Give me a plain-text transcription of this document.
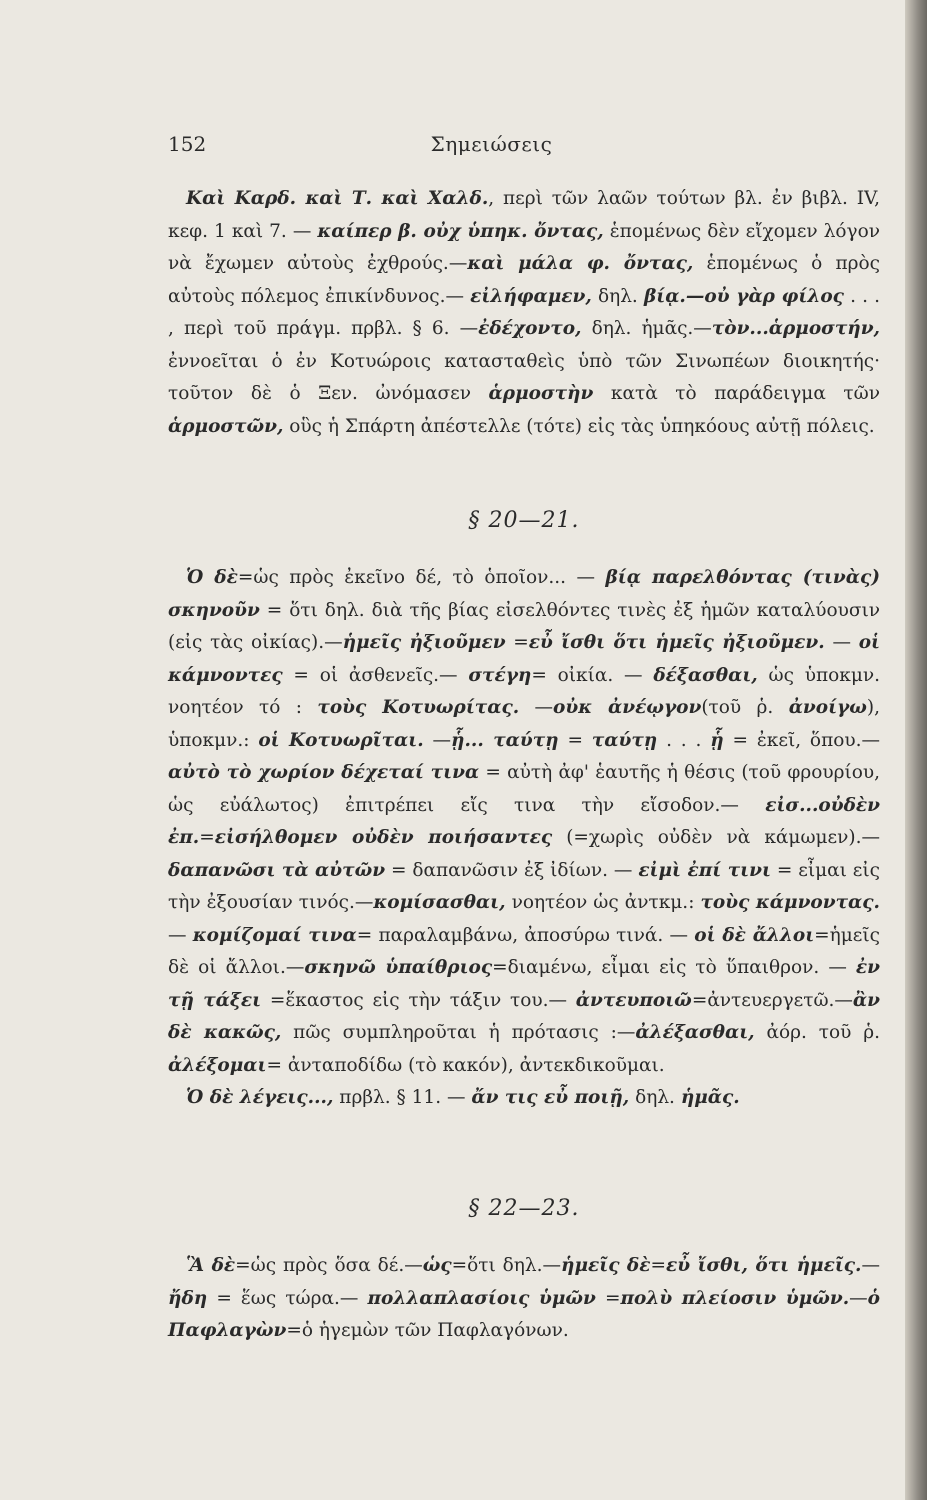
152	Σημειώσεις

Καὶ Καρδ. καὶ Τ. καὶ Χαλδ., περὶ τῶν λαῶν τούτων βλ. ἐν βιβλ. IV, κεφ. 1 καὶ 7. — καίπερ β. οὐχ ὑπηκ. ὄντας, ἑπομένως δὲν εἴχομεν λόγον νὰ ἔχωμεν αὐτοὺς ἐχθρούς.—καὶ μάλα φ. ὄντας, ἑπομένως ὁ πρὸς αὐτοὺς πόλεμος ἐπικίνδυνος.— εἰλήφαμεν, δηλ. βίᾳ.—οὐ γὰρ φίλος . . . , περὶ τοῦ πράγμ. πρβλ. § 6. —ἐδέχοντο, δηλ. ἡμᾶς.—τὸν...ἁρμοστήν, ἐννοεῖται ὁ ἐν Κοτυώροις κατασταθεὶς ὑπὸ τῶν Σινωπέων διοικητής· τοῦτον δὲ ὁ Ξεν. ὠνόμασεν ἁρμοστὴν κατὰ τὸ παράδειγμα τῶν ἁρμοστῶν, οὓς ἡ Σπάρτη ἀπέστελλε (τότε) εἰς τὰς ὑπηκόους αὐτῇ πόλεις.

§ 20—21.

Ὁ δὲ=ὡς πρὸς ἐκεῖνο δέ, τὸ ὁποῖον... — βίᾳ παρελθόντας (τινὰς) σκηνοῦν = ὅτι δηλ. διὰ τῆς βίας εἰσελθόντες τινὲς ἐξ ἡμῶν καταλύουσιν (εἰς τὰς οἰκίας).—ἡμεῖς ἠξιοῦμεν =εὖ ἴσθι ὅτι ἡμεῖς ἠξιοῦμεν. — οἱ κάμνοντες = οἱ ἀσθενεῖς.— στέγη= οἰκία. — δέξασθαι, ὡς ὑποκμν. νοητέον τό : τοὺς Κοτυωρίτας. —οὐκ ἀνέῳγον(τοῦ ῥ. ἀνοίγω), ὑποκμν.: οἱ Κοτυωρῖται. —ᾗ... ταύτῃ = ταύτῃ . . . ᾗ = ἐκεῖ, ὅπου.—αὐτὸ τὸ χωρίον δέχεταί τινα = αὐτὴ ἀφ' ἑαυτῆς ἡ θέσις (τοῦ φρουρίου, ὡς εὐάλωτος) ἐπιτρέπει εἴς τινα τὴν εἴσοδον.— εἰσ...οὐδὲν ἐπ.=εἰσήλθομεν οὐδὲν ποιήσαντες (=χωρὶς οὐδὲν νὰ κάμωμεν).—δαπανῶσι τὰ αὐτῶν = δαπανῶσιν ἐξ ἰδίων. — εἰμὶ ἐπί τινι = εἶμαι εἰς τὴν ἐξουσίαν τινός.—κομίσασθαι, νοητέον ὡς ἀντκμ.: τοὺς κάμνοντας.— κομίζομαί τινα= παραλαμβάνω, ἀποσύρω τινά. — οἱ δὲ ἄλλοι=ἡμεῖς δὲ οἱ ἄλλοι.—σκηνῶ ὑπαίθριος=διαμένω, εἶμαι εἰς τὸ ὕπαιθρον. — ἐν τῇ τάξει =ἕκαστος εἰς τὴν τάξιν του.— ἀντευποιῶ=ἀντευεργετῶ.—ἂν δὲ κακῶς, πῶς συμπληροῦται ἡ πρότασις :—ἀλέξασθαι, ἀόρ. τοῦ ῥ. ἀλέξομαι= ἀνταποδίδω (τὸ κακόν), ἀντεκδικοῦμαι.

Ὁ δὲ λέγεις..., πρβλ. § 11. — ἄν τις εὖ ποιῇ, δηλ. ἡμᾶς.

§ 22—23.

Ἃ δὲ=ὡς πρὸς ὅσα δέ.—ὡς=ὅτι δηλ.—ἡμεῖς δὲ=εὖ ἴσθι, ὅτι ἡμεῖς.— ἤδη = ἕως τώρα.— πολλαπλασίοις ὑμῶν =πολὺ πλείοσιν ὑμῶν.—ὁ Παφλαγὼν=ὁ ἡγεμὼν τῶν Παφλαγόνων.
